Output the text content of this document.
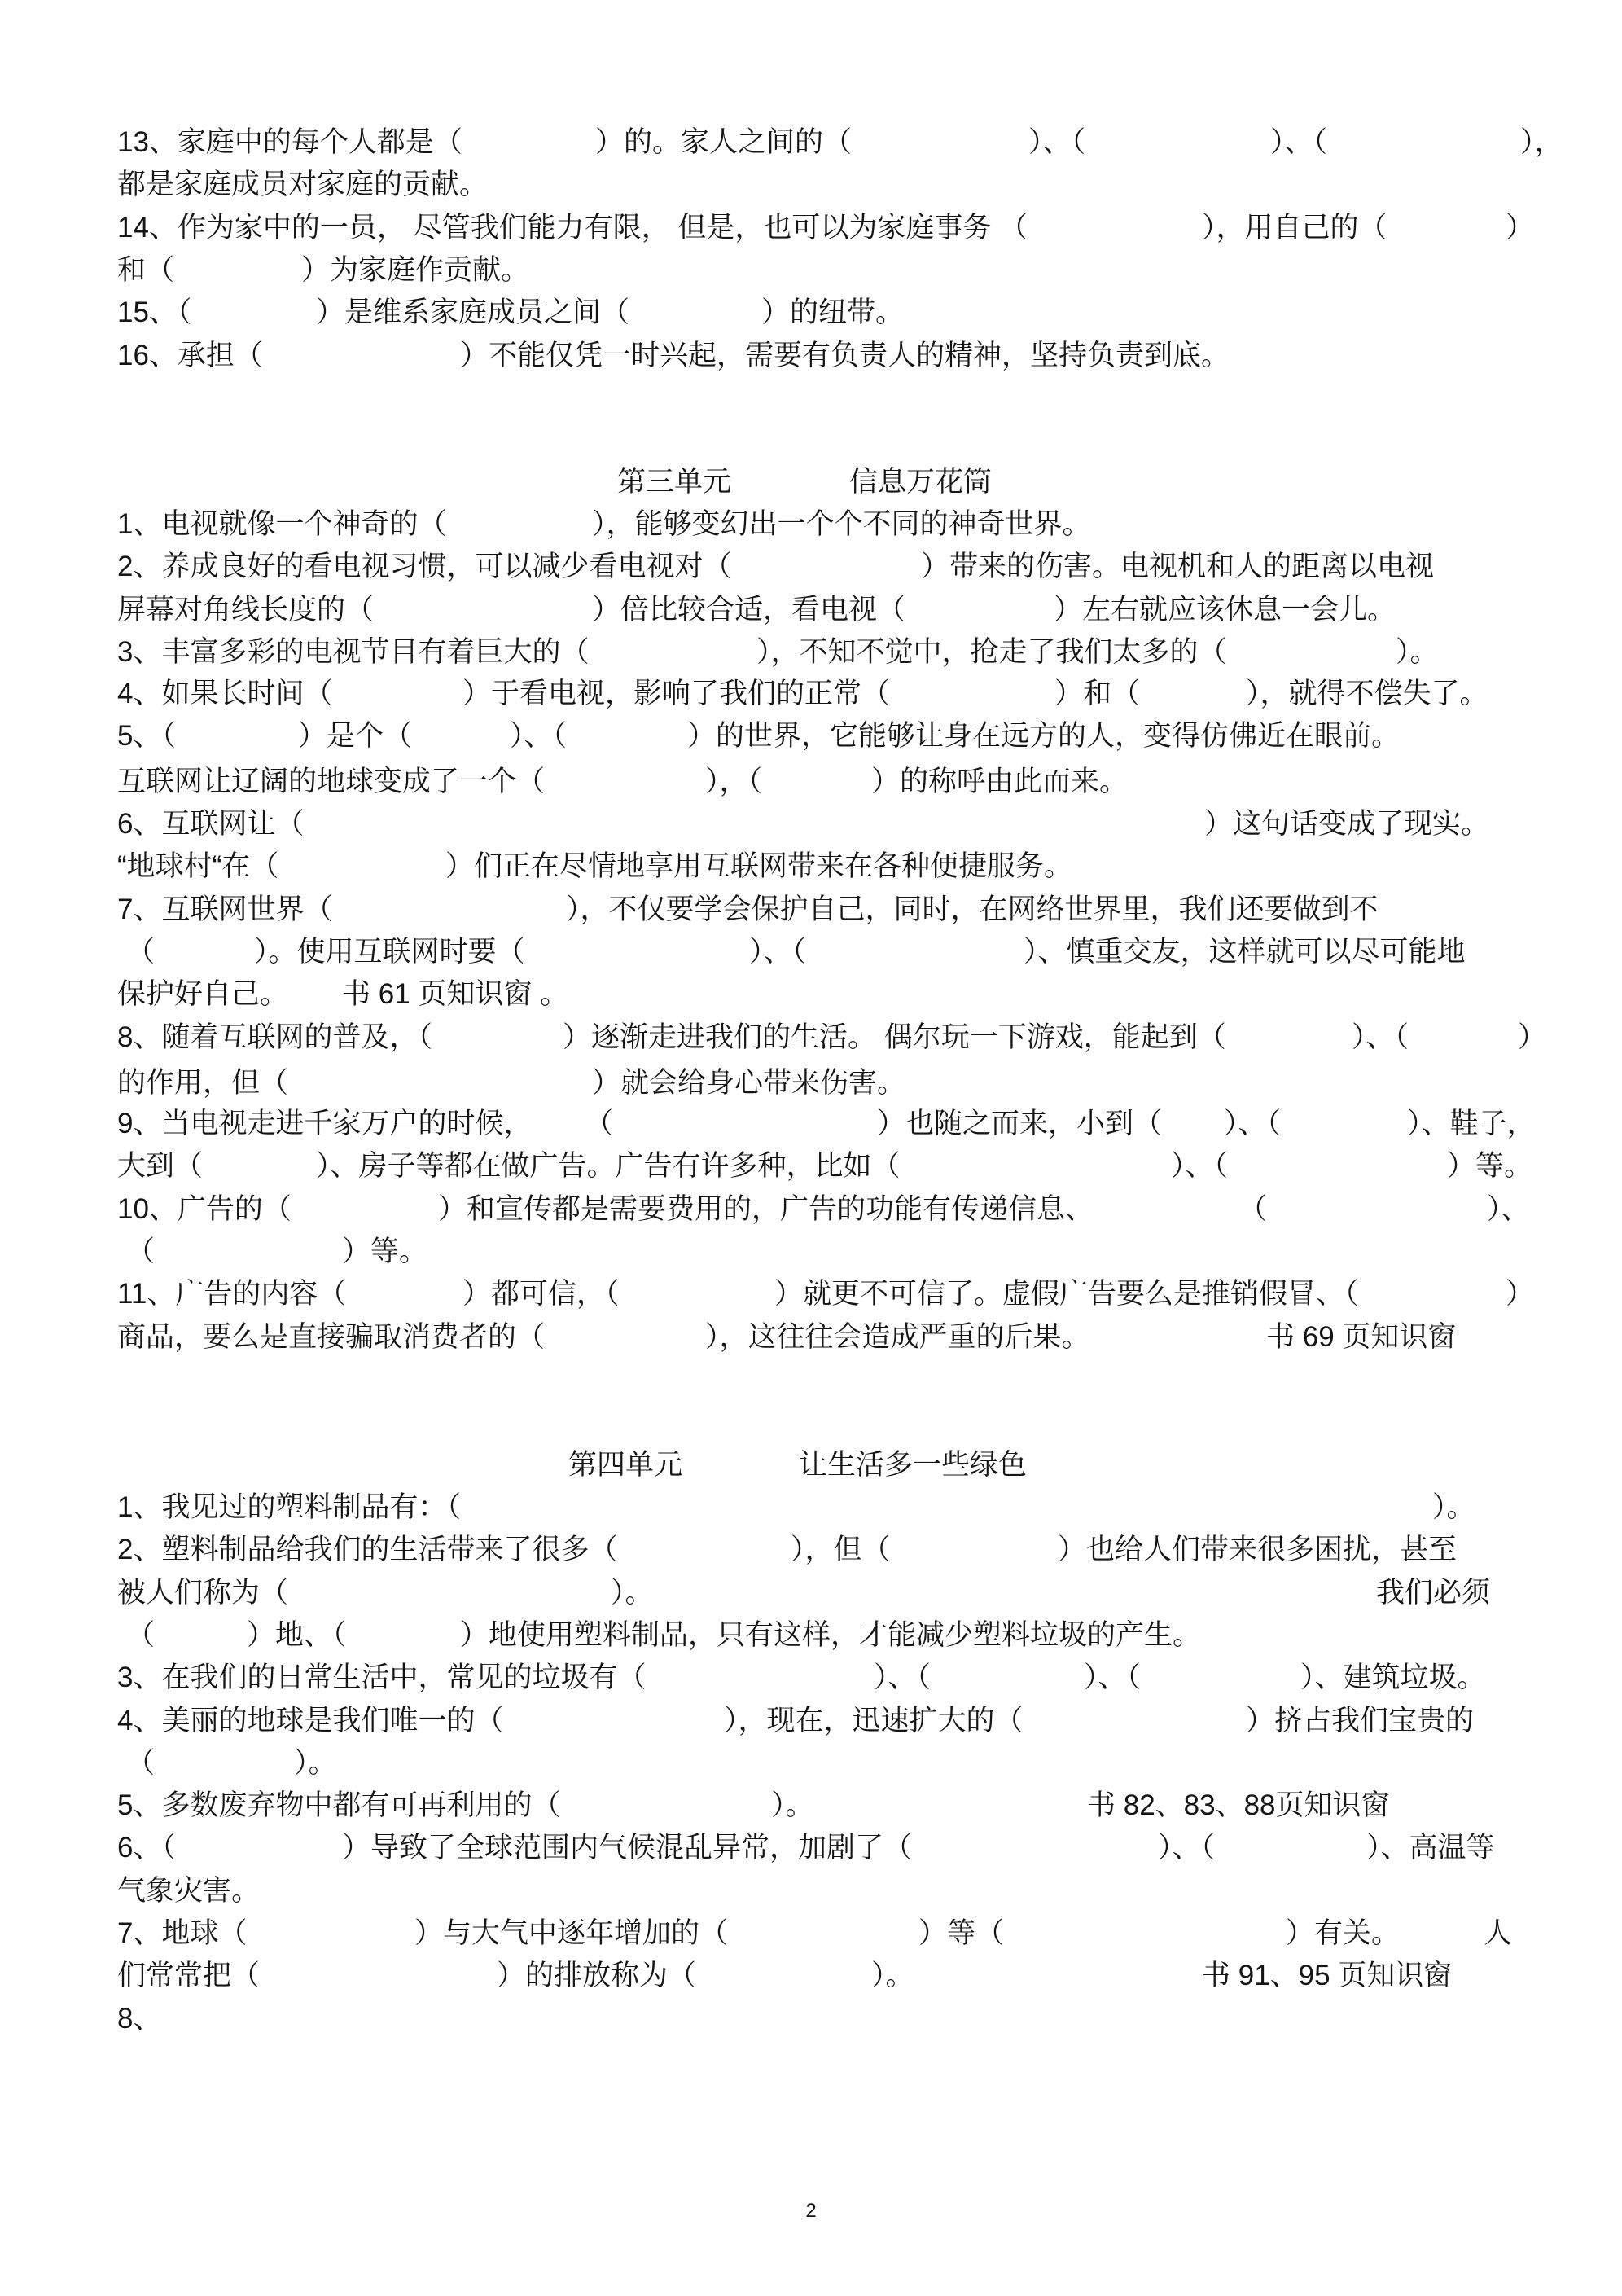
第三单元	信息万花筒
第四单元	让生活多一些绿色
2
13、家庭中的每个人都是（	）的。家人之间的（	）、（	）、（	），
都是家庭成员对家庭的贡献。
14、作为家中的一员， 尽管我们能力有限， 但是，也可以为家庭事务 （	），用自己的（	）
和（	）为家庭作贡献。
15、（	）是维系家庭成员之间（	）的纽带。
16、承担（	）不能仅凭一时兴起，需要有负责人的精神，坚持负责到底。
1、电视就像一个神奇的（	），能够变幻出一个个不同的神奇世界。
2、养成良好的看电视习惯，可以减少看电视对（	）带来的伤害。电视机和人的距离以电视
屏幕对角线长度的（	）倍比较合适，看电视（	）左右就应该休息一会儿。
3、丰富多彩的电视节目有着巨大的（	），不知不觉中，抢走了我们太多的（	）。
4、如果长时间（	）于看电视，影响了我们的正常（	）和（	），就得不偿失了。
5、（	）是个（	）、（	）的世界，它能够让身在远方的人，变得仿佛近在眼前。
互联网让辽阔的地球变成了一个（	），（	）的称呼由此而来。
6、互联网让（	）这句话变成了现实。
“地球村“在（	）们正在尽情地享用互联网带来在各种便捷服务。
7、互联网世界（	），不仅要学会保护自己，同时，在网络世界里，我们还要做到不
（	）。使用互联网时要（	）、（	）、慎重交友，这样就可以尽可能地
保护好自己。 书 61 页知识窗 。
8、随着互联网的普及，（	）逐渐走进我们的生活。 偶尔玩一下游戏，能起到（	）、（	）
的作用，但（	）就会给身心带来伤害。
9、当电视走进千家万户的时候， （	）也随之而来，小到（ ）、（	）、鞋子，
大到（	）、房子等都在做广告。广告有许多种，比如（	）、（	）等。
10、广告的（	）和宣传都是需要费用的，广告的功能有传递信息、	（	）、
（	）等。
11、广告的内容（	）都可信，（	）就更不可信了。虚假广告要么是推销假冒、（	）
商品，要么是直接骗取消费者的（	），这往往会造成严重的后果。	书 69 页知识窗
1、我见过的塑料制品有：（	）。
2、塑料制品给我们的生活带来了很多（	），但（	）也给人们带来很多困扰，甚至
被人们称为（	）。	我们必须
（	）地、（	）地使用塑料制品，只有这样，才能减少塑料垃圾的产生。
3、在我们的日常生活中，常见的垃圾有（	）、（	）、（	）、建筑垃圾。
4、美丽的地球是我们唯一的（	），现在，迅速扩大的（	）挤占我们宝贵的
（	）。
5、多数废弃物中都有可再利用的（	）。	书 82、83、88页知识窗
6、（	）导致了全球范围内气候混乱异常，加剧了（	）、（	）、高温等
气象灾害。
7、地球（	）与大气中逐年增加的（	）等（	）有关。	人
们常常把（	）的排放称为（	）。	书 91、95 页知识窗
8、
